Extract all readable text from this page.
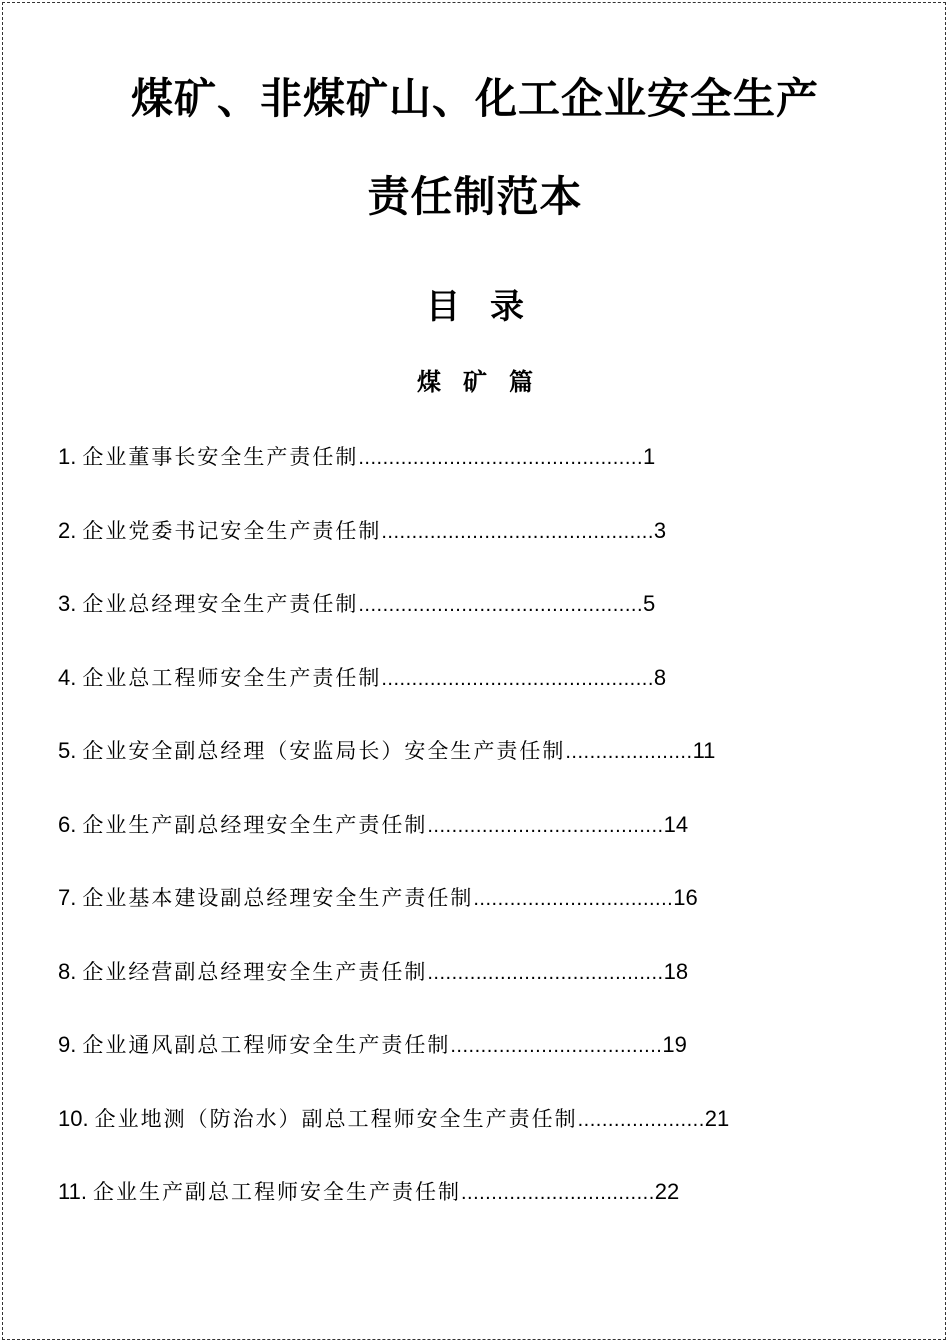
煤矿、非煤矿山、化工企业安全生产
责任制范本
目 录
煤矿篇
1. 企业董事长安全生产责任制...............................................1
2. 企业党委书记安全生产责任制.............................................3
3. 企业总经理安全生产责任制...............................................5
4. 企业总工程师安全生产责任制.............................................8
5. 企业安全副总经理（安监局长）安全生产责任制.....................11
6. 企业生产副总经理安全生产责任制.......................................14
7. 企业基本建设副总经理安全生产责任制.................................16
8. 企业经营副总经理安全生产责任制.......................................18
9. 企业通风副总工程师安全生产责任制...................................19
10. 企业地测（防治水）副总工程师安全生产责任制.....................21
11. 企业生产副总工程师安全生产责任制................................22
